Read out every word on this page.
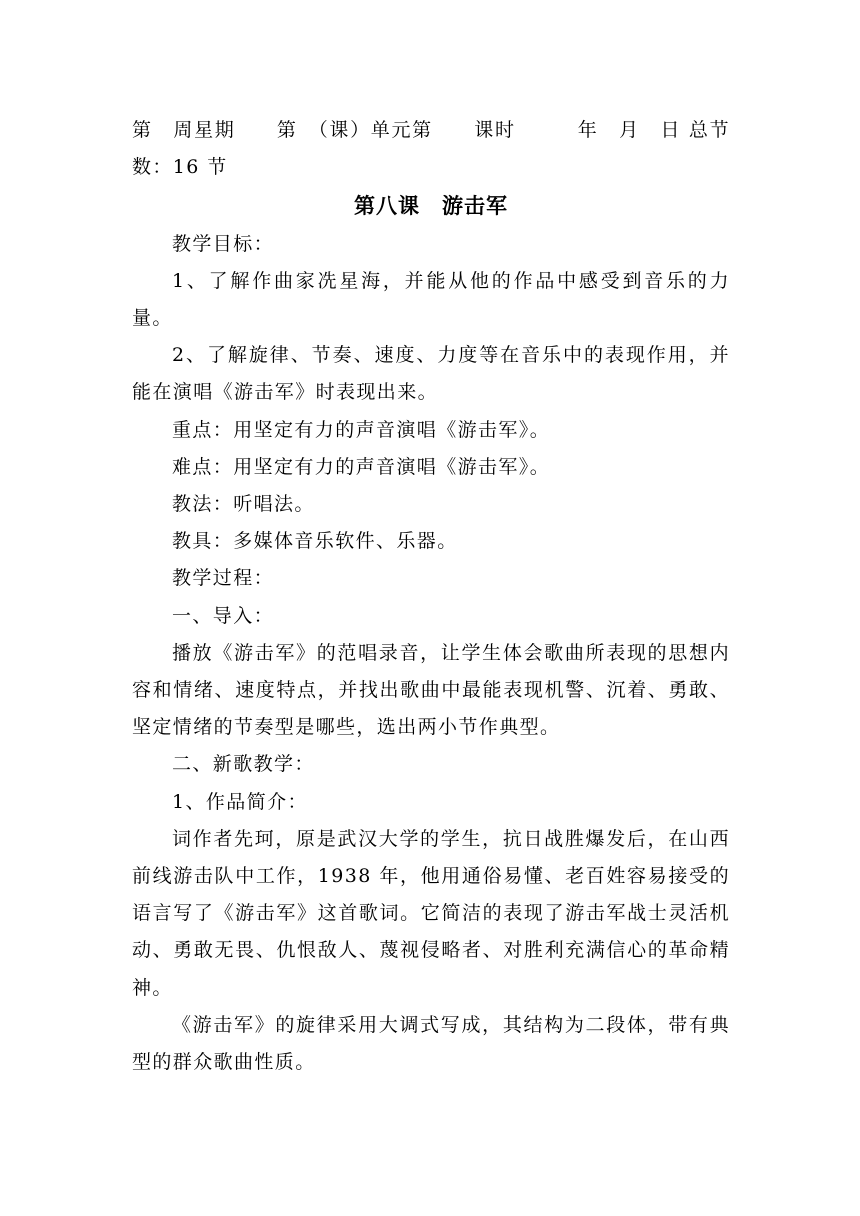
第　周星期　　第　（课）单元第　　课时　　　年　月　日 总节数：16 节

第八课　游击军

教学目标：

1、了解作曲家冼星海，并能从他的作品中感受到音乐的力量。

2、了解旋律、节奏、速度、力度等在音乐中的表现作用，并能在演唱《游击军》时表现出来。

重点：用坚定有力的声音演唱《游击军》。

难点：用坚定有力的声音演唱《游击军》。

教法：听唱法。

教具：多媒体音乐软件、乐器。

教学过程：

一、导入：

播放《游击军》的范唱录音，让学生体会歌曲所表现的思想内容和情绪、速度特点，并找出歌曲中最能表现机警、沉着、勇敢、坚定情绪的节奏型是哪些，选出两小节作典型。

二、新歌教学：

1、作品简介：

词作者先珂，原是武汉大学的学生，抗日战胜爆发后，在山西前线游击队中工作，1938 年，他用通俗易懂、老百姓容易接受的语言写了《游击军》这首歌词。它简洁的表现了游击军战士灵活机动、勇敢无畏、仇恨敌人、蔑视侵略者、对胜利充满信心的革命精神。

《游击军》的旋律采用大调式写成，其结构为二段体，带有典型的群众歌曲性质。
